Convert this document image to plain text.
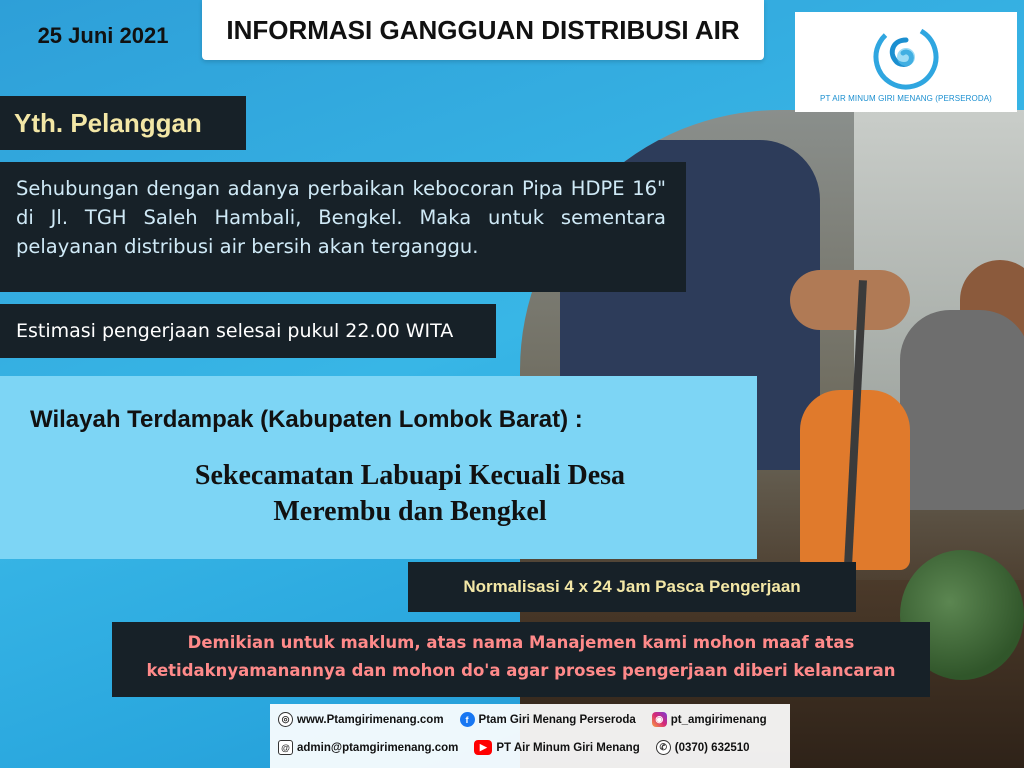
25 Juni 2021	INFORMASI GANGGUAN DISTRIBUSI AIR
PT AIR MINUM GIRI MENANG (PERSERODA)
Yth. Pelanggan
Sehubungan dengan adanya perbaikan kebocoran Pipa HDPE 16" di Jl. TGH Saleh Hambali, Bengkel. Maka untuk sementara pelayanan distribusi air bersih akan terganggu.
Estimasi pengerjaan selesai pukul 22.00 WITA
Wilayah Terdampak (Kabupaten Lombok Barat) :
Sekecamatan Labuapi Kecuali Desa
Merembu dan Bengkel
Normalisasi 4 x 24 Jam Pasca Pengerjaan
Demikian untuk maklum, atas nama Manajemen kami mohon maaf atas ketidaknyamanannya dan mohon do'a agar proses pengerjaan diberi kelancaran
◎ www.Ptamgirimenang.com	f Ptam Giri Menang Perseroda	◉ pt_amgirimenang
@ admin@ptamgirimenang.com	▶ PT Air Minum Giri Menang	✆ (0370) 632510
